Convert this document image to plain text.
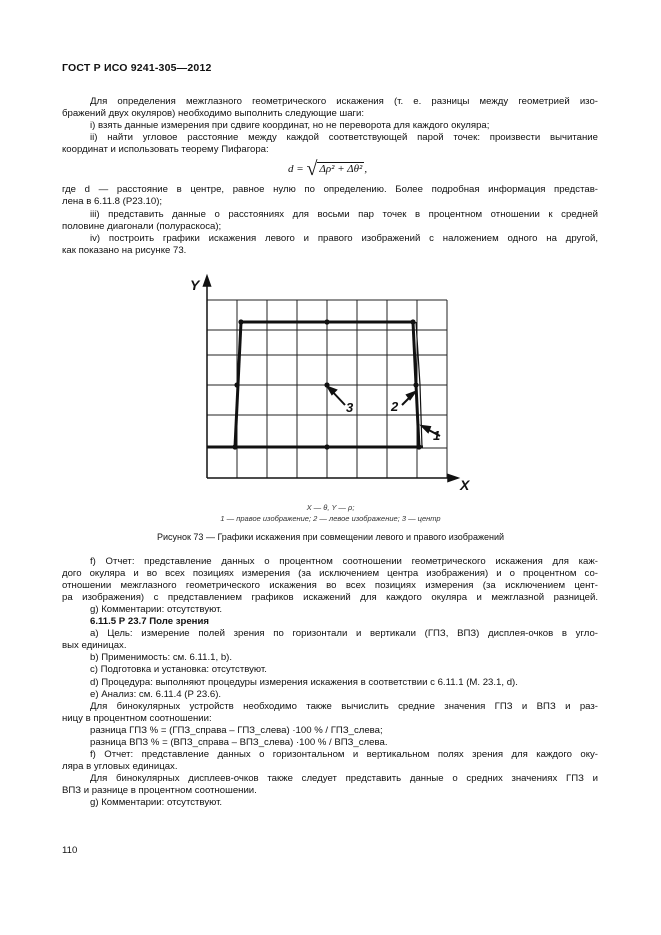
ГОСТ Р ИСО 9241-305—2012
Для определения межглазного геометрического искажения (т. е. разницы между геометрией изо-
бражений двух окуляров) необходимо выполнить следующие шаги:
i) взять данные измерения при сдвиге координат, но не переворота для каждого окуляра;
ii) найти угловое расстояние между каждой соответствующей парой точек: произвести вычитание
координат и использовать теорему Пифагора:
d = √ Δρ² + Δθ² ,
где d — расстояние в центре, равное нулю по определению. Более подробная информация представ-
лена в 6.11.8 (Р23.10);
iii) представить данные о расстояниях для восьми пар точек в процентном отношении к средней
половине диагонали (полураскоса);
iv) построить графики искажения левого и правого изображений с наложением одного на другой,
как показано на рисунке 73.
Y
X
3	2
1
X — θ, Y — ρ;
1 — правое изображение; 2 — левое изображение; 3 — центр
Рисунок 73 — Графики искажения при совмещении левого и правого изображений
f) Отчет: представление данных о процентном соотношении геометрического искажения для каж-
дого окуляра и во всех позициях измерения (за исключением центра изображения) и о процентном со-
отношении межглазного геометрического искажения во всех позициях измерения (за исключением цент-
ра изображения) с представлением графиков искажений для каждого окуляра и межглазной разницей.
g) Комментарии: отсутствуют.
6.11.5 Р 23.7 Поле зрения
a) Цель: измерение полей зрения по горизонтали и вертикали (ГПЗ, ВПЗ) дисплея-очков в угло-
вых единицах.
b) Применимость: см. 6.11.1, b).
c) Подготовка и установка: отсутствуют.
d) Процедура: выполняют процедуры измерения искажения в соответствии с 6.11.1 (М. 23.1, d).
e) Анализ: см. 6.11.4 (Р 23.6).
Для бинокулярных устройств необходимо также вычислить средние значения ГПЗ и ВПЗ и раз-
ницу в процентном соотношении:
разница ГПЗ % = (ГПЗ_справа – ГПЗ_слева) ·100 % / ГПЗ_слева;
разница ВПЗ % = (ВПЗ_справа – ВПЗ_слева) ·100 % / ВПЗ_слева.
f) Отчет: представление данных о горизонтальном и вертикальном полях зрения для каждого оку-
ляра в угловых единицах.
Для бинокулярных дисплеев-очков также следует представить данные о средних значениях ГПЗ и
ВПЗ и разнице в процентном соотношении.
g) Комментарии: отсутствуют.
110
